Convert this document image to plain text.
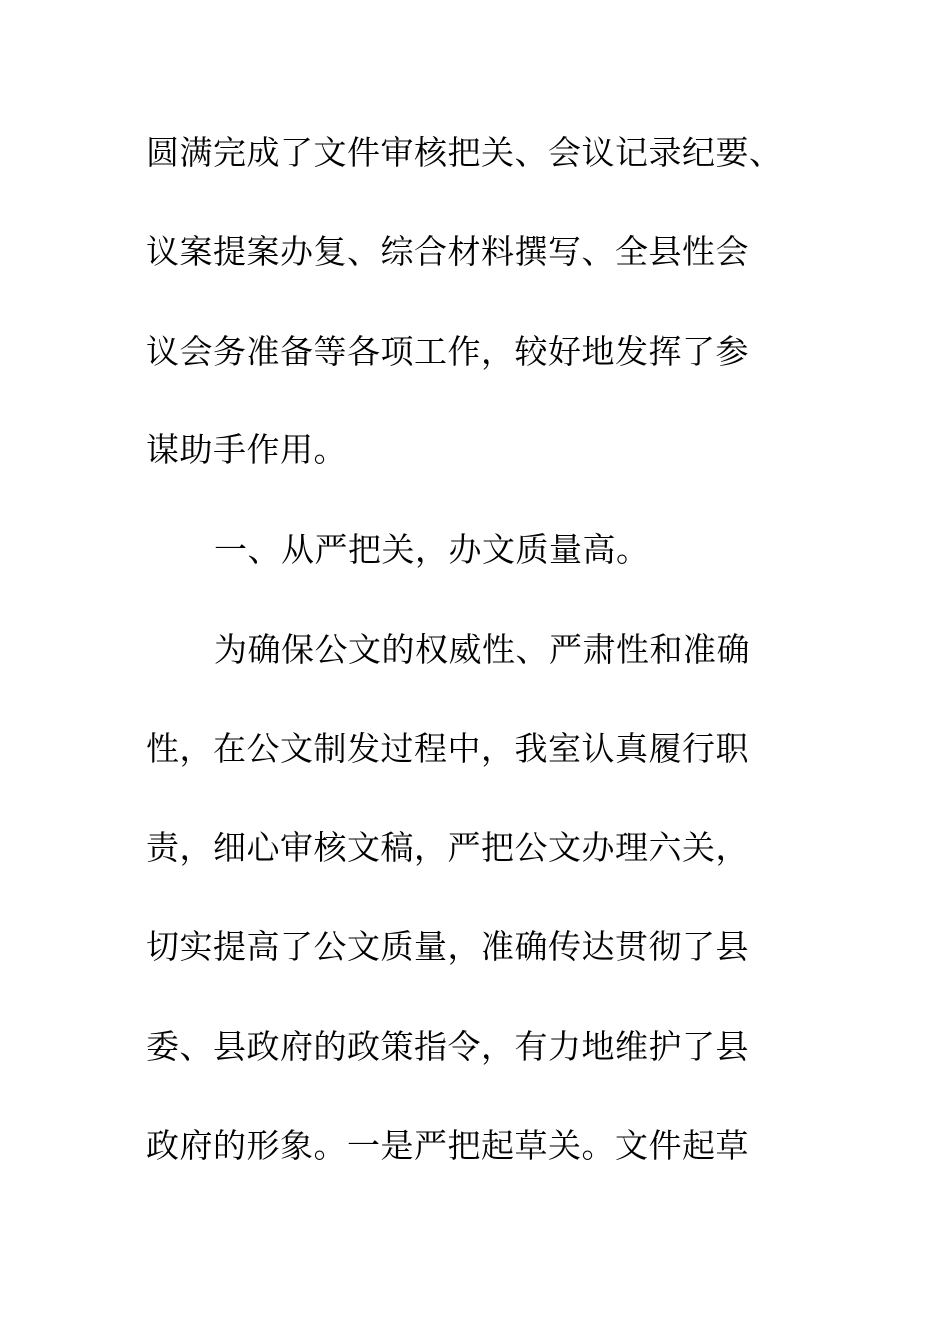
圆满完成了文件审核把关、会议记录纪要、
议案提案办复、综合材料撰写、全县性会
议会务准备等各项工作，较好地发挥了参
谋助手作用。
一、从严把关，办文质量高。
为确保公文的权威性、严肃性和准确
性，在公文制发过程中，我室认真履行职
责，细心审核文稿，严把公文办理六关，
切实提高了公文质量，准确传达贯彻了县
委、县政府的政策指令，有力地维护了县
政府的形象。一是严把起草关。文件起草
